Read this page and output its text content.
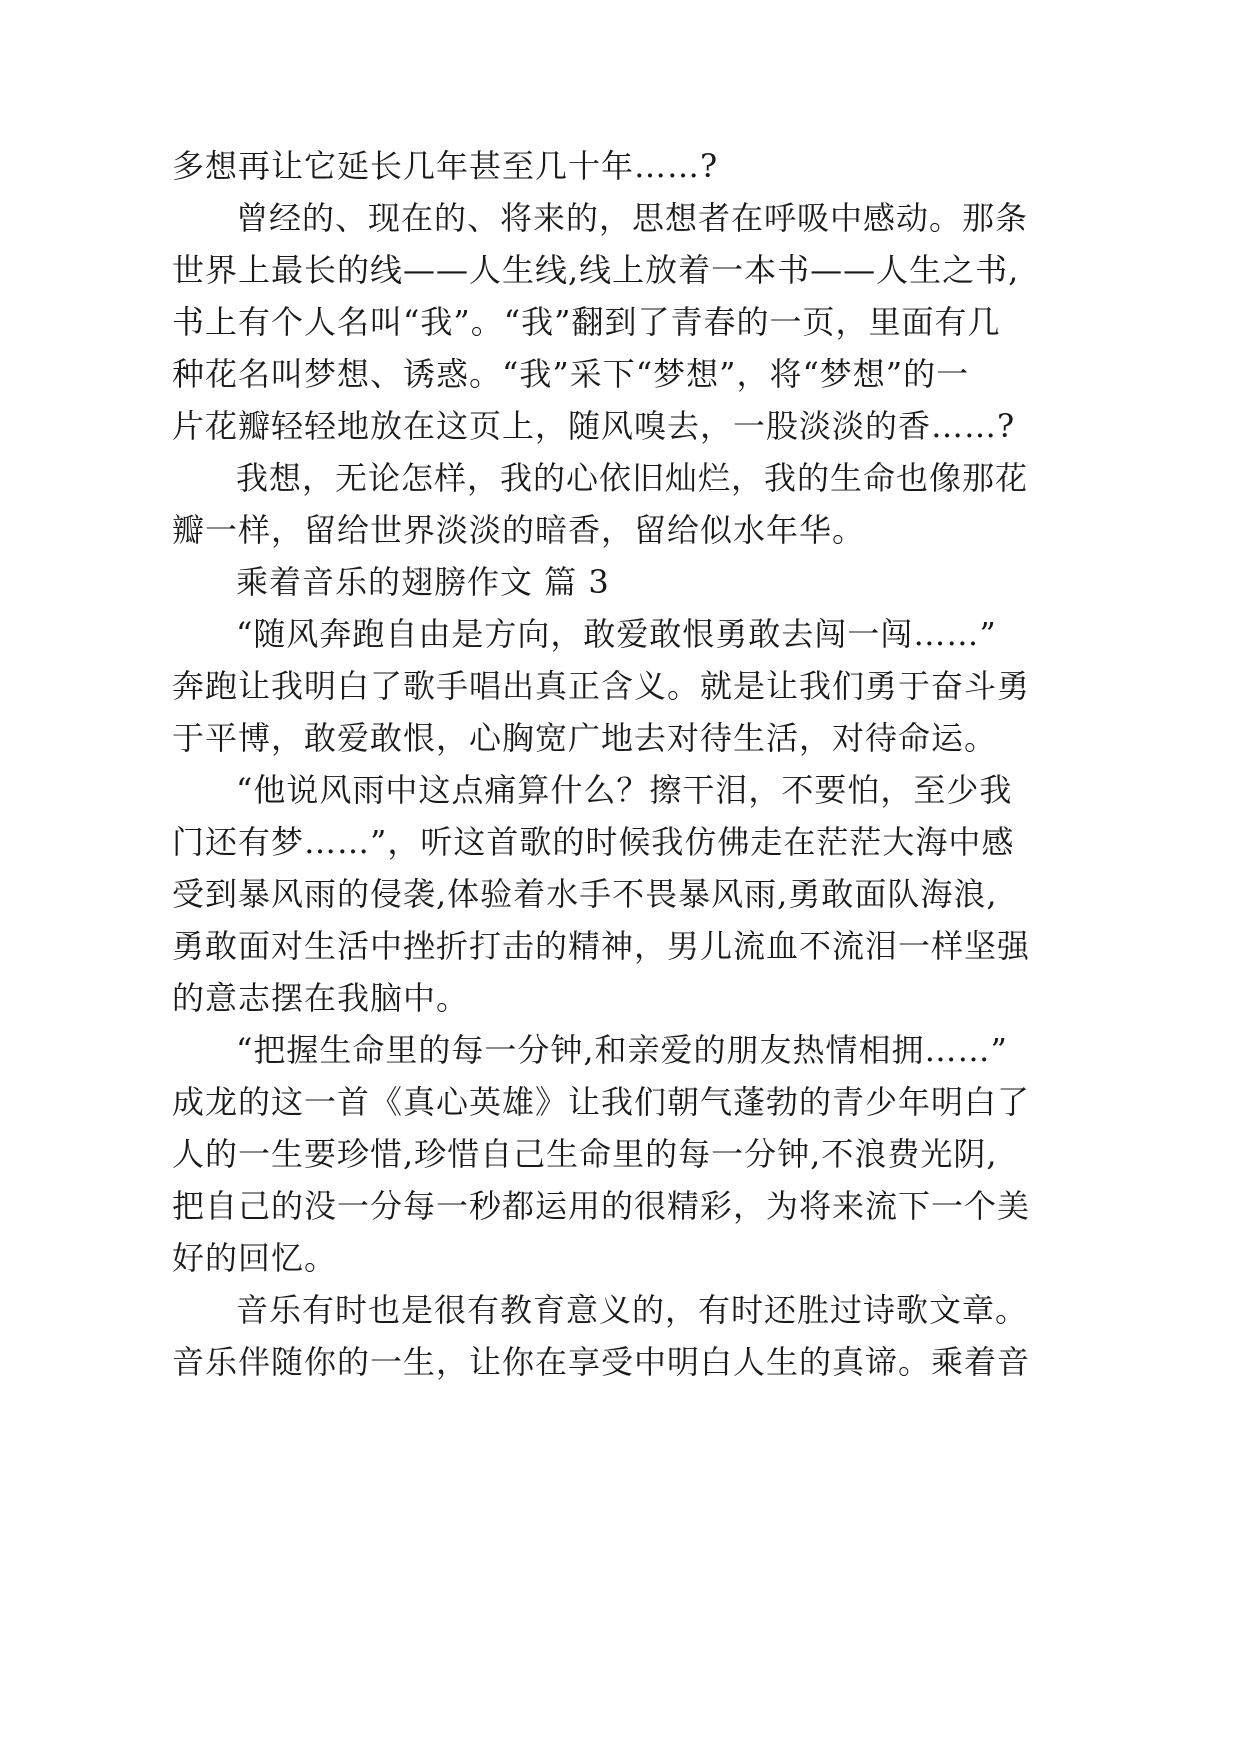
多想再让它延长几年甚至几十年……?
曾经的、现在的、将来的，思想者在呼吸中感动。那条
世界上最长的线——人生线,线上放着一本书——人生之书,
书上有个人名叫“我”。“我”翻到了青春的一页，里面有几
种花名叫梦想、诱惑。“我”采下“梦想”，将“梦想”的一
片花瓣轻轻地放在这页上，随风嗅去，一股淡淡的香……?
我想，无论怎样，我的心依旧灿烂，我的生命也像那花
瓣一样，留给世界淡淡的暗香，留给似水年华。
乘着音乐的翅膀作文 篇 3
“随风奔跑自由是方向，敢爱敢恨勇敢去闯一闯……”
奔跑让我明白了歌手唱出真正含义。就是让我们勇于奋斗勇
于平博，敢爱敢恨，心胸宽广地去对待生活，对待命运。
“他说风雨中这点痛算什么？擦干泪，不要怕，至少我
门还有梦……”，听这首歌的时候我仿佛走在茫茫大海中感
受到暴风雨的侵袭,体验着水手不畏暴风雨,勇敢面队海浪,
勇敢面对生活中挫折打击的精神，男儿流血不流泪一样坚强
的意志摆在我脑中。
“把握生命里的每一分钟,和亲爱的朋友热情相拥……”
成龙的这一首《真心英雄》让我们朝气蓬勃的青少年明白了
人的一生要珍惜,珍惜自己生命里的每一分钟,不浪费光阴,
把自己的没一分每一秒都运用的很精彩，为将来流下一个美
好的回忆。
音乐有时也是很有教育意义的，有时还胜过诗歌文章。
音乐伴随你的一生，让你在享受中明白人生的真谛。乘着音
